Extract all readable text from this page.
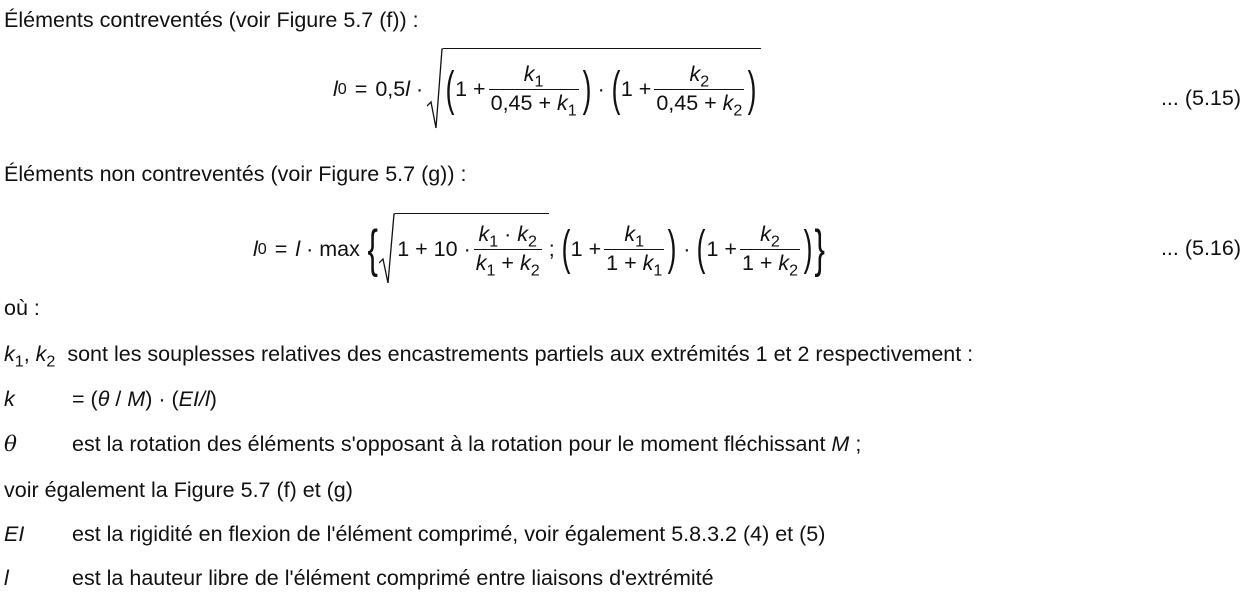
Éléments contreventés (voir Figure 5.7 (f)) :
l 0 = 0,5 l
· ( $1 + \frac{k_1}{0,45 + k_1}$ )
·
( $1 + \frac{k_2}{0,45 + k_2}$ )	... (5.15)
Éléments non contreventés (voir Figure 5.7 (g)) :
l 0 = l
·
max
{ $1 + 10 \cdot \frac{k_1 \cdot k_2}{k_1 + k_2}$ ;
( $1 + \frac{k_1}{1 + k_1}$ )
·
( $1 + \frac{k_2}{1 + k_2}$ ) }	... (5.16)
où :
$k_1$, $k_2$ sont les souplesses relatives des encastrements partiels aux extrémités 1 et 2 respectivement :
k	= (θ / M) · (EI/l)
θ	est la rotation des éléments s'opposant à la rotation pour le moment fléchissant M ;
voir également la Figure 5.7 (f) et (g)
EI est la rigidité en flexion de l'élément comprimé, voir également 5.8.3.2 (4) et (5)
l	est la hauteur libre de l'élément comprimé entre liaisons d'extrémité
